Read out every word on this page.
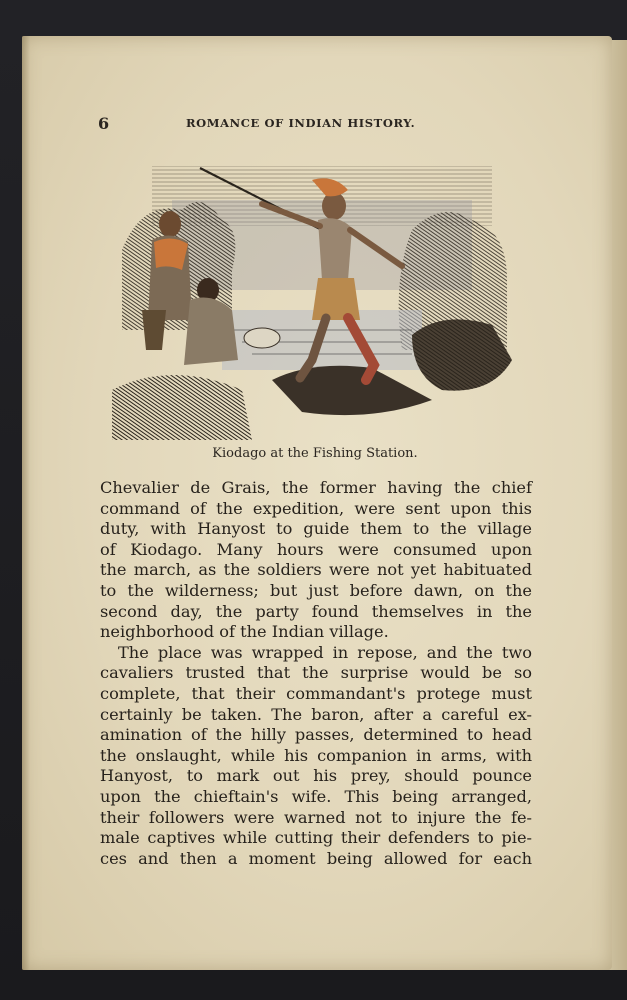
6	ROMANCE OF INDIAN HISTORY.
Kiodago at the Fishing Station.
Chevalier de Grais, the former having the chief
command of the expedition, were sent upon this
duty, with Hanyost to guide them to the village
of Kiodago. Many hours were consumed upon
the march, as the soldiers were not yet habituated
to the wilderness; but just before dawn, on the
second day, the party found themselves in the
neighborhood of the Indian village.
The place was wrapped in repose, and the two
cavaliers trusted that the surprise would be so
complete, that their commandant's protege must
certainly be taken. The baron, after a careful ex-
amination of the hilly passes, determined to head
the onslaught, while his companion in arms, with
Hanyost, to mark out his prey, should pounce
upon the chieftain's wife. This being arranged,
their followers were warned not to injure the fe-
male captives while cutting their defenders to pie-
ces and then a moment being allowed for each
